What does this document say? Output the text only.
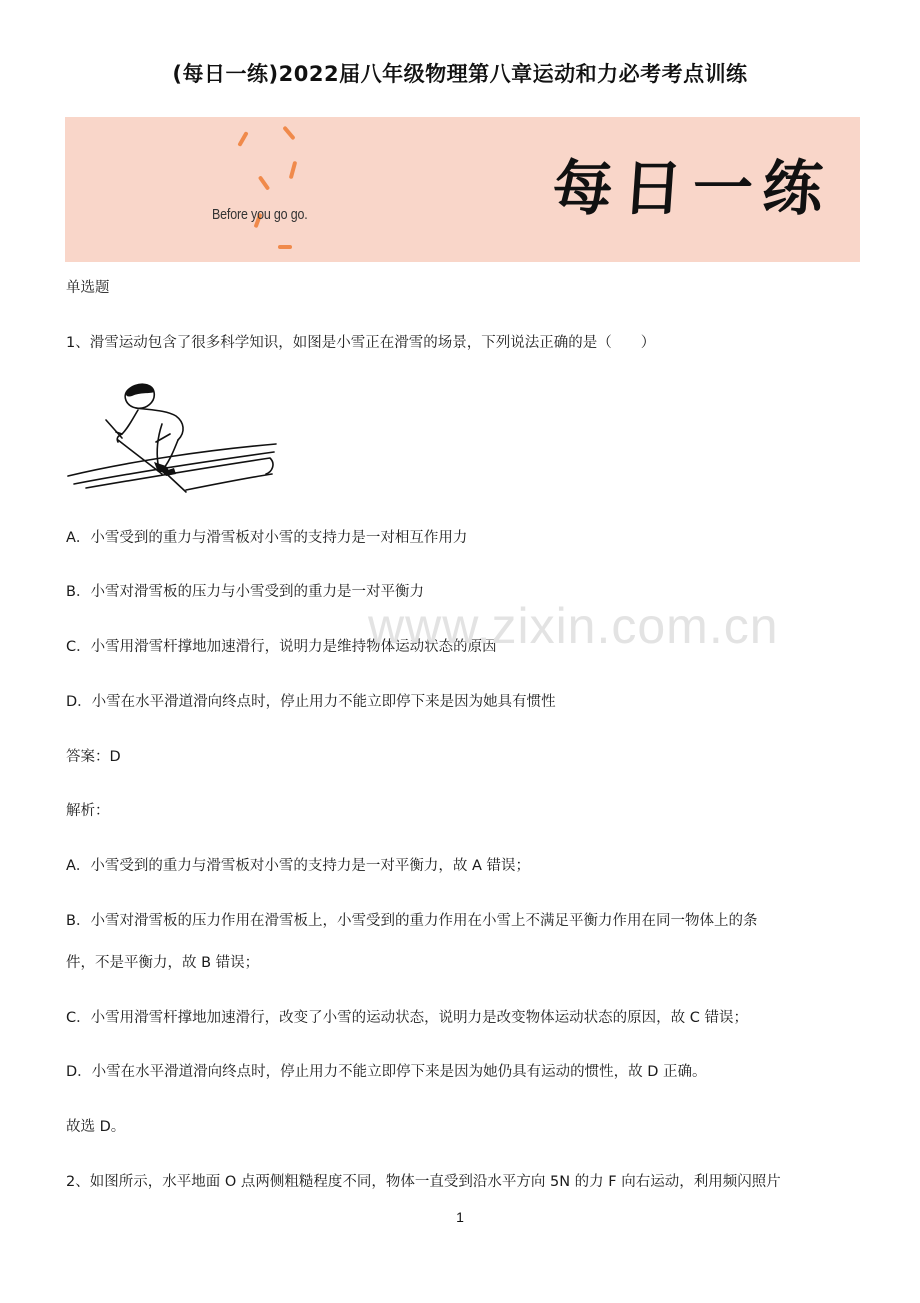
(每日一练)2022届八年级物理第八章运动和力必考考点训练
Before you go go.	每日一练
单选题
1、滑雪运动包含了很多科学知识，如图是小雪正在滑雪的场景，下列说法正确的是（　　）
A．小雪受到的重力与滑雪板对小雪的支持力是一对相互作用力
B．小雪对滑雪板的压力与小雪受到的重力是一对平衡力
C．小雪用滑雪杆撑地加速滑行，说明力是维持物体运动状态的原因
D．小雪在水平滑道滑向终点时，停止用力不能立即停下来是因为她具有惯性
答案：D
解析：
A．小雪受到的重力与滑雪板对小雪的支持力是一对平衡力，故 A 错误；
B．小雪对滑雪板的压力作用在滑雪板上，小雪受到的重力作用在小雪上不满足平衡力作用在同一物体上的条
件，不是平衡力，故 B 错误；
C．小雪用滑雪杆撑地加速滑行，改变了小雪的运动状态，说明力是改变物体运动状态的原因，故 C 错误；
D．小雪在水平滑道滑向终点时，停止用力不能立即停下来是因为她仍具有运动的惯性，故 D 正确。
故选 D。
2、如图所示，水平地面 O 点两侧粗糙程度不同，物体一直受到沿水平方向 5N 的力 F 向右运动，利用频闪照片
www.zixin.com.cn
1
